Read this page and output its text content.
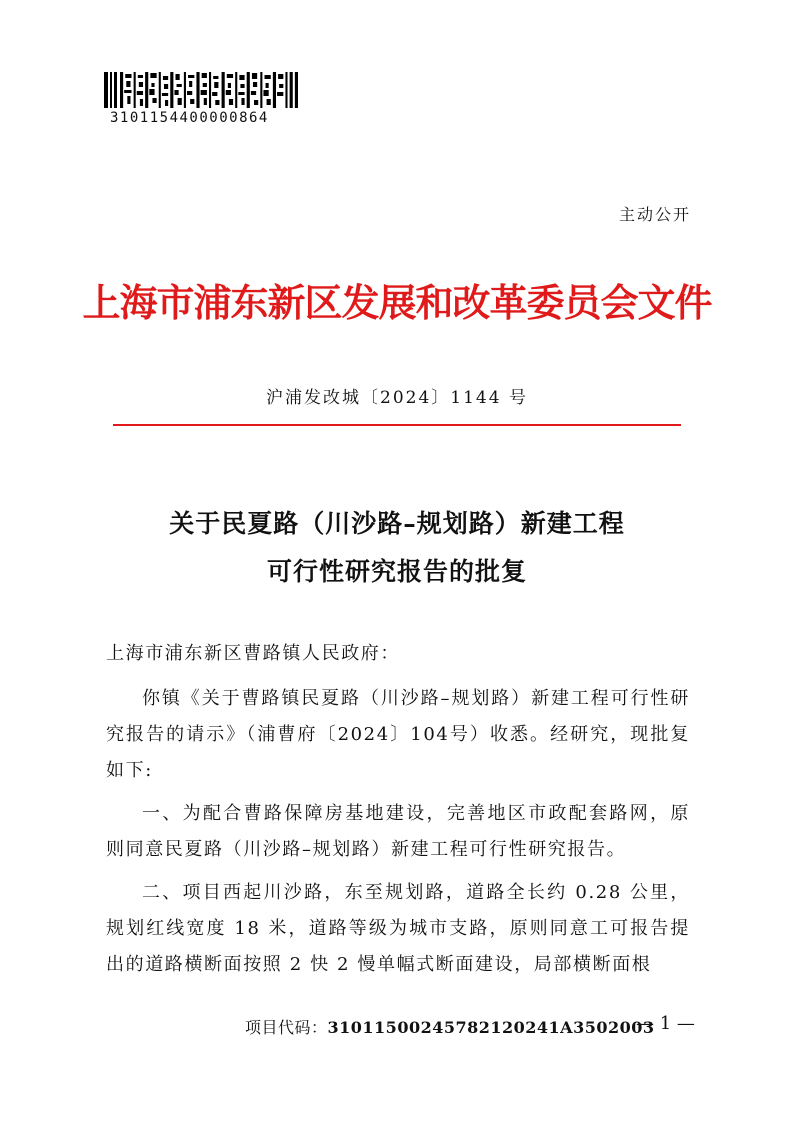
3101154400000864
主动公开
上海市浦东新区发展和改革委员会文件
沪浦发改城〔2024〕1144 号
关于民夏路（川沙路–规划路）新建工程
可行性研究报告的批复

上海市浦东新区曹路镇人民政府：

你镇《关于曹路镇民夏路（川沙路–规划路）新建工程可行性研究报告的请示》（浦曹府〔2024〕104号）收悉。经研究，现批复如下:

一、为配合曹路保障房基地建设，完善地区市政配套路网，原则同意民夏路（川沙路–规划路）新建工程可行性研究报告。

二、项目西起川沙路，东至规划路，道路全长约 0.28 公里，规划红线宽度 18 米，道路等级为城市支路，原则同意工可报告提出的道路横断面按照 2 快 2 慢单幅式断面建设，局部横断面根

项目代码：31011500245782120241A3502003
— 1 —
